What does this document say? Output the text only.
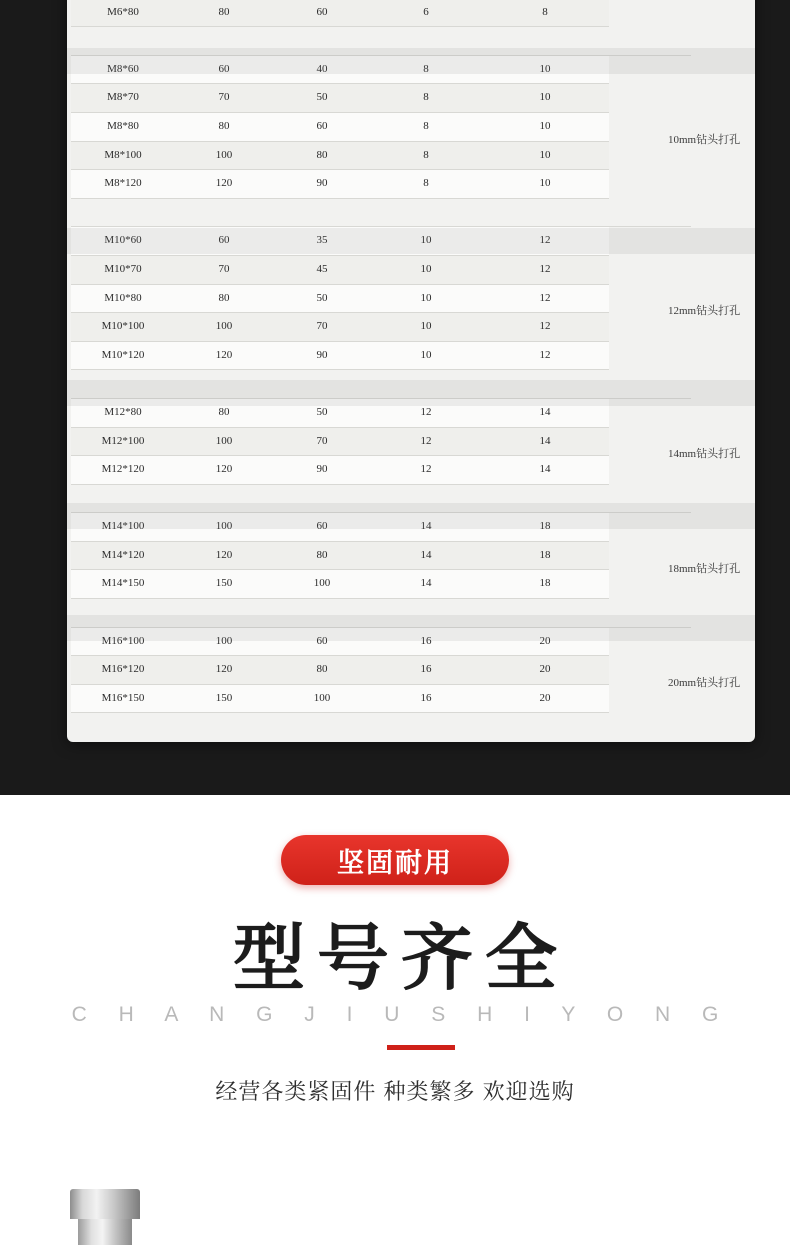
M6*80	80	60	6	8	

M8*60	60	40	8	10	
M8*70	70	50	8	10	
M8*80	80	60	8	10	10mm钻头打孔

M8*100	100	80	8	10	
M8*120	120	90	8	10	

M10*60	60	35	10	12	
M10*70	70	45	10	12	
M10*80	80	50	10	12	12mm钻头打孔

M10*100	100	70	10	12	
M10*120	120	90	10	12	

M12*80	80	50	12	14	
M12*100	100	70	12	14	14mm钻头打孔

M12*120	120	90	12	14	

M14*100	100	60	14	18	
M14*120	120	80	14	18	18mm钻头打孔

M14*150	150	100	14	18	

M16*100	100	60	16	20	
M16*120	120	80	16	20	20mm钻头打孔

M16*150	150	100	16	20	
坚固耐用
型号齐全
C H A N G J I U S H I Y O N G
经营各类紧固件 种类繁多 欢迎选购
